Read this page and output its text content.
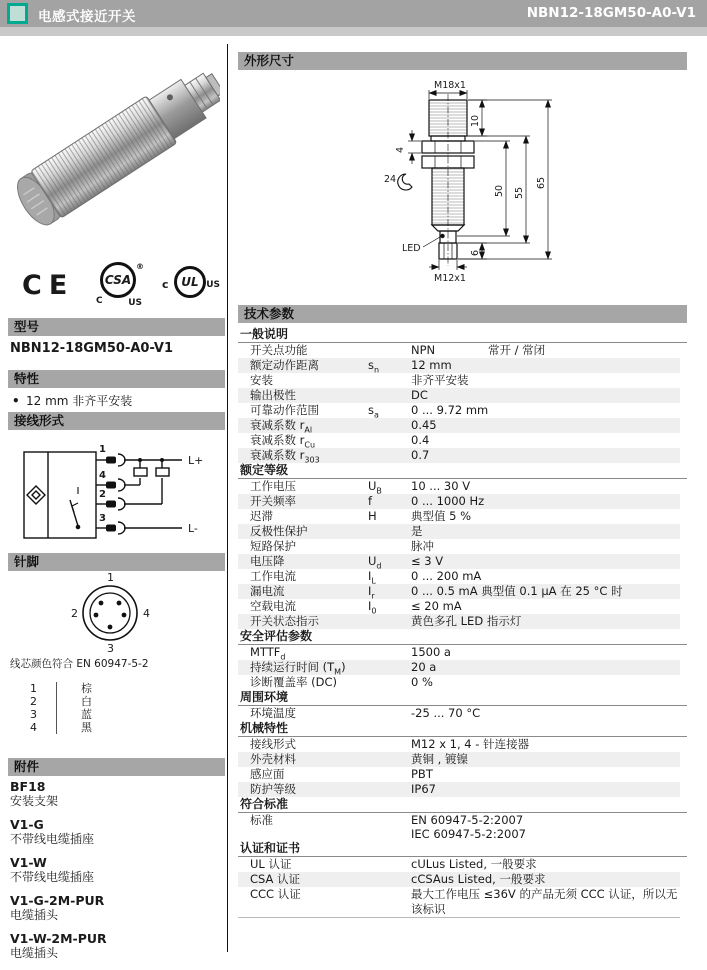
电感式接近开关	NBN12-18GM50-A0-V1
CE	CSA
®
C	US
UL
c	US
型号
NBN12-18GM50-A0-V1
特性
• 12 mm 非齐平安装
接线形式
1
4
2
3
L+
L-
针脚
1
2
3
4
线芯颜色符合 EN 60947-5-2
1	棕
2	白
3	蓝
4	黑
附件
BF18
安装支架
V1-G
不带线电缆插座
V1-W
不带线电缆插座
V1-G-2M-PUR
电缆插头
V1-W-2M-PUR
电缆插头
外形尺寸
M18x1
10
4
24
50 55
65
6
LED
M12x1
技术参数
一般说明
开关点功能	NPN	常开 / 常闭
额定动作距离	$s_n$	12 mm
安装	非齐平安装
输出极性	DC
可靠动作范围	$s_a$	0 ... 9.72 mm
衰减系数 $r_{Al}$	0.45
衰减系数 $r_{Cu}$	0.4
衰减系数 $r_{303}$	0.7
额定等级
工作电压	$U_B$	10 ... 30 V
开关频率	f	0 ... 1000 Hz
迟滞	H	典型值 5 %
反极性保护	是
短路保护	脉冲
电压降	$U_d$	≤ 3 V
工作电流	$I_L$	0 ... 200 mA
漏电流	$I_r$	0 ... 0.5 mA 典型值 0.1 µA 在 25 °C 时
空载电流	$I_0$	≤ 20 mA
开关状态指示	黄色多孔 LED 指示灯
安全评估参数
$MTTF_d$	1500 a
持续运行时间 $(T_M)$	20 a
诊断覆盖率 (DC)	0 %
周围环境
环境温度	-25 ... 70 °C
机械特性
接线形式	M12 x 1, 4 - 针连接器
外壳材料	黄铜 , 镀镍
感应面	PBT
防护等级	IP67
符合标准
标准	EN 60947-5-2:2007
IEC 60947-5-2:2007
认证和证书
UL 认证	cULus Listed, 一般要求
CSA 认证	cCSAus Listed, 一般要求
CCC 认证	最大工作电压 ≤36V 的产品无须 CCC 认证，所以无该标识
